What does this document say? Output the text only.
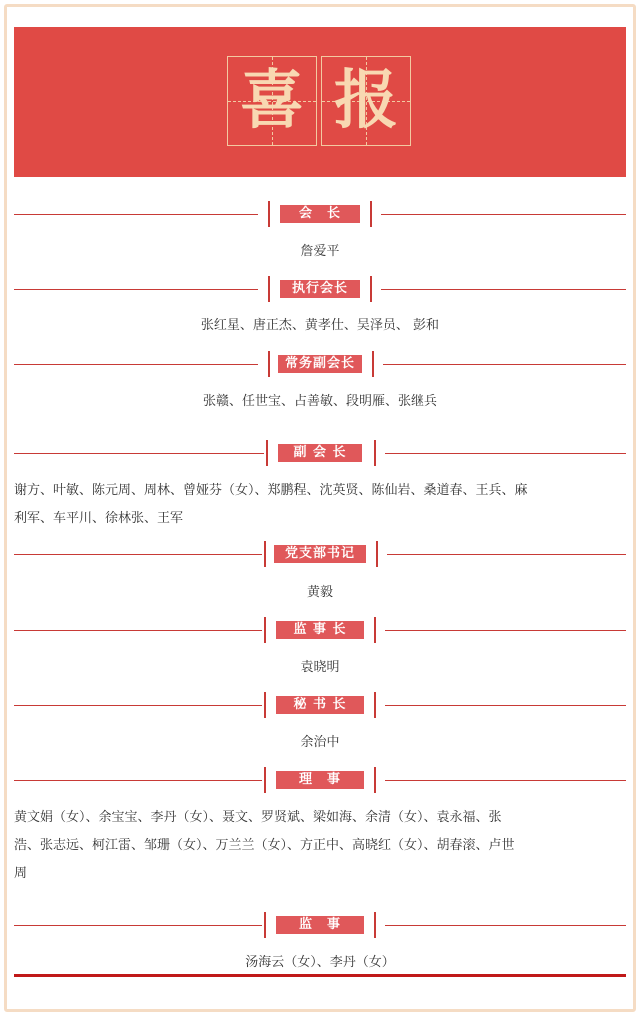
喜 报
会　长
詹爱平
执行会长
张红星、唐正杰、黄孝仕、吴泽员、 彭和
常务副会长
张赣、任世宝、占善敏、段明雁、张继兵
副 会 长
谢方、叶敏、陈元周、周林、曾娅芬（女）、郑鹏程、沈英贤、陈仙岩、桑道春、王兵、麻
利军、车平川、徐林张、王军
党支部书记
黄毅
监 事 长
袁晓明
秘 书 长
余治中
理　事
黄文娟（女）、余宝宝、李丹（女）、聂文、罗贤斌、梁如海、余清（女）、袁永福、张
浩、张志远、柯江雷、邹珊（女）、万兰兰（女）、方正中、高晓红（女）、胡春滚、卢世
周
监　事
汤海云（女）、李丹（女）
